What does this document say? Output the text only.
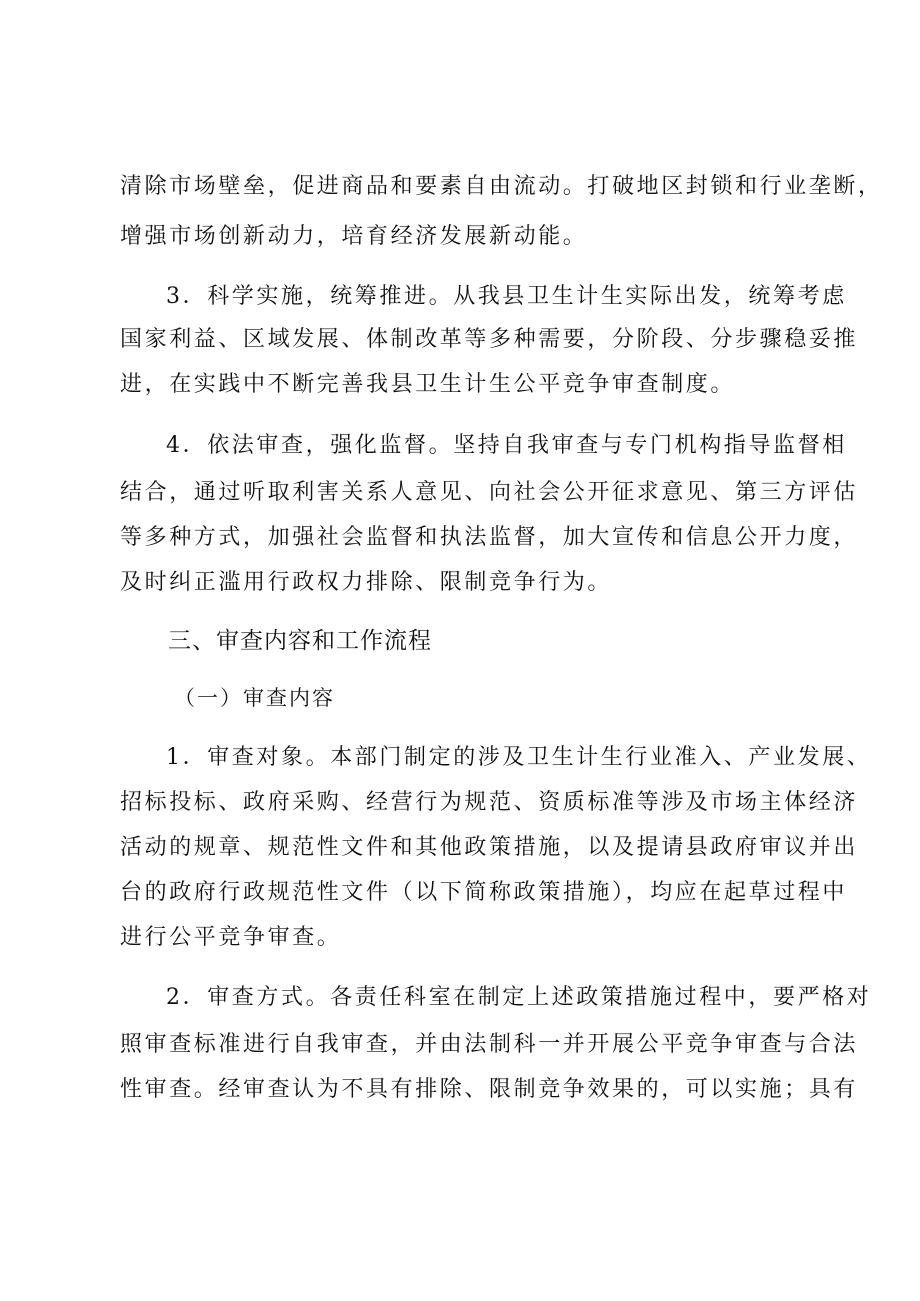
清除市场壁垒，促进商品和要素自由流动。打破地区封锁和行业垄断，
增强市场创新动力，培育经济发展新动能。
3．科学实施，统筹推进。从我县卫生计生实际出发，统筹考虑
国家利益、区域发展、体制改革等多种需要，分阶段、分步骤稳妥推
进，在实践中不断完善我县卫生计生公平竞争审查制度。
4．依法审查，强化监督。坚持自我审查与专门机构指导监督相
结合，通过听取利害关系人意见、向社会公开征求意见、第三方评估
等多种方式，加强社会监督和执法监督，加大宣传和信息公开力度，
及时纠正滥用行政权力排除、限制竞争行为。
三、审查内容和工作流程
（一）审查内容
1．审查对象。本部门制定的涉及卫生计生行业准入、产业发展、
招标投标、政府采购、经营行为规范、资质标准等涉及市场主体经济
活动的规章、规范性文件和其他政策措施，以及提请县政府审议并出
台的政府行政规范性文件（以下简称政策措施），均应在起草过程中
进行公平竞争审查。
2．审查方式。各责任科室在制定上述政策措施过程中，要严格对
照审查标准进行自我审查，并由法制科一并开展公平竞争审查与合法
性审查。经审查认为不具有排除、限制竞争效果的，可以实施；具有
